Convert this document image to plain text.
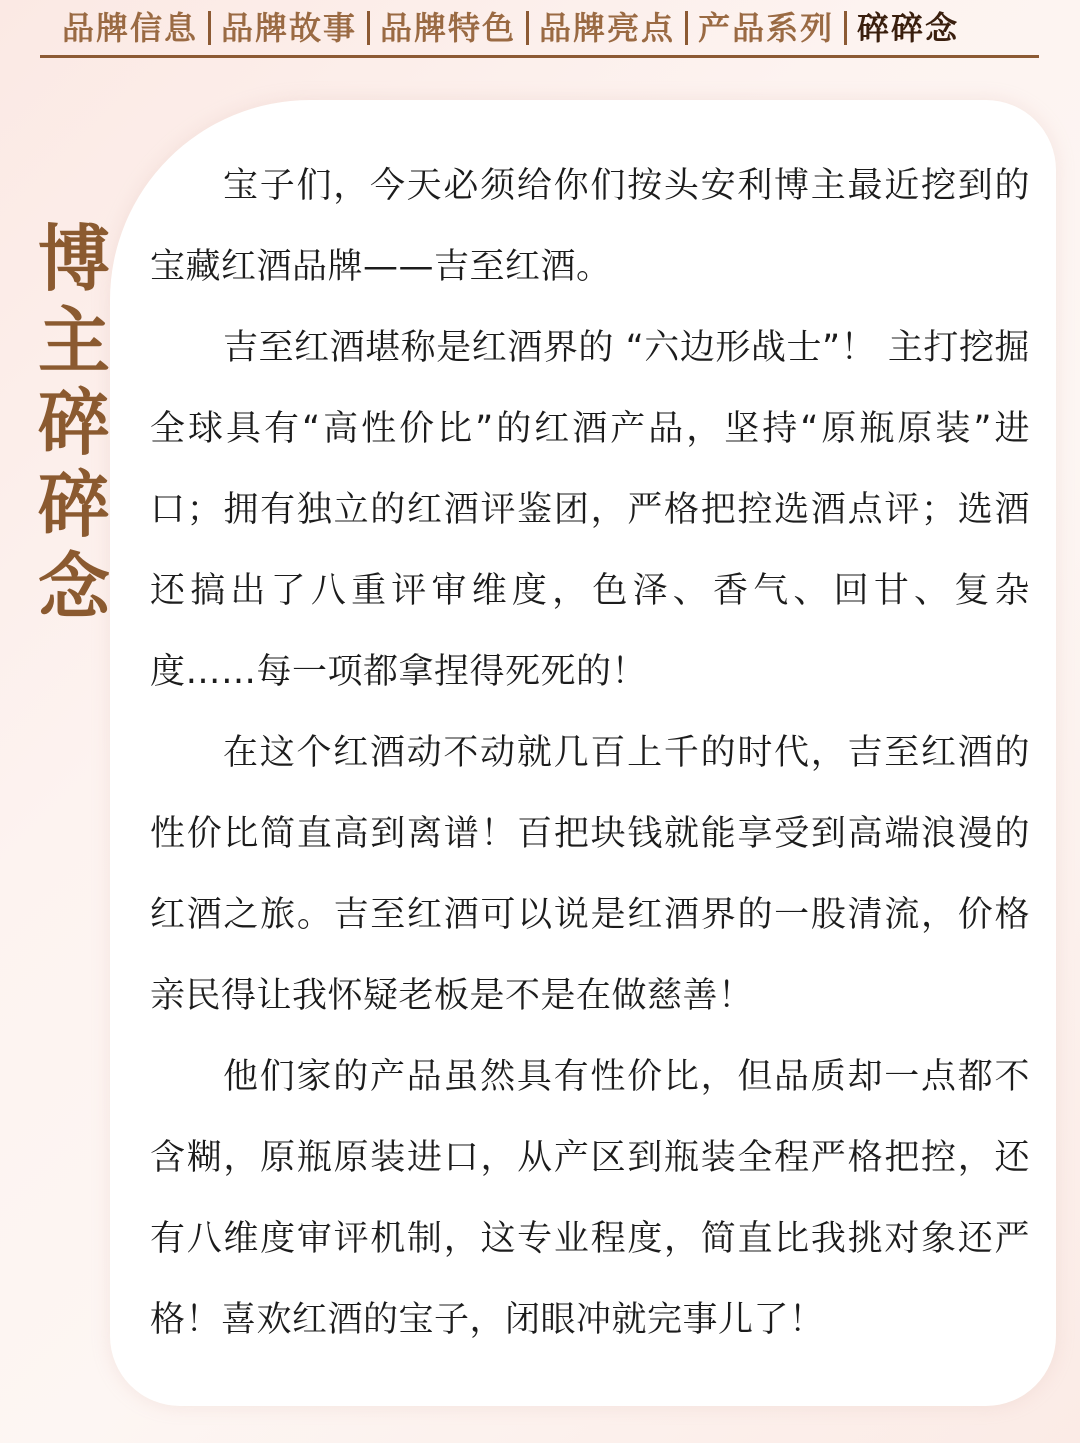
品牌信息 品牌故事 品牌特色 品牌亮点 产品系列 碎碎念
博
主
碎
碎
念

宝子们，今天必须给你们按头安利博主最近挖到的宝藏红酒品牌——吉至红酒。

吉至红酒堪称是红酒界的 “六边形战士”！ 主打挖掘全球具有“高性价比”的红酒产品，坚持“原瓶原装”进口；拥有独立的红酒评鉴团，严格把控选酒点评；选酒还搞出了八重评审维度，色泽、香气、回甘、复杂度……每一项都拿捏得死死的！

在这个红酒动不动就几百上千的时代，吉至红酒的性价比简直高到离谱！百把块钱就能享受到高端浪漫的红酒之旅。吉至红酒可以说是红酒界的一股清流，价格亲民得让我怀疑老板是不是在做慈善！

他们家的产品虽然具有性价比，但品质却一点都不含糊，原瓶原装进口，从产区到瓶装全程严格把控，还有八维度审评机制，这专业程度，简直比我挑对象还严格！喜欢红酒的宝子，闭眼冲就完事儿了！
